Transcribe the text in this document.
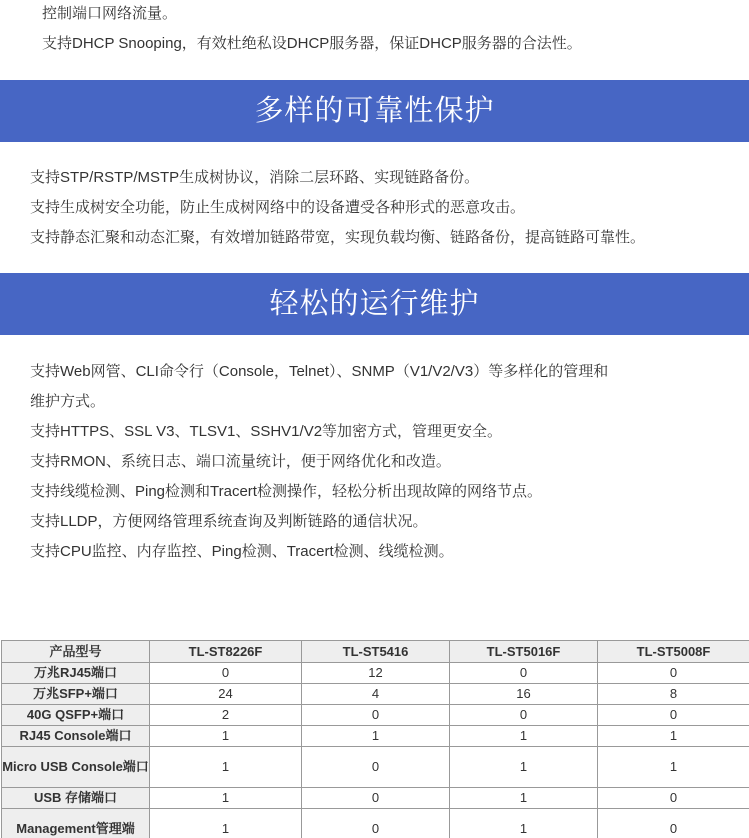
控制端口网络流量。

支持DHCP Snooping，有效杜绝私设DHCP服务器，保证DHCP服务器的合法性。

多样的可靠性保护

支持STP/RSTP/MSTP生成树协议，消除二层环路、实现链路备份。

支持生成树安全功能，防止生成树网络中的设备遭受各种形式的恶意攻击。

支持静态汇聚和动态汇聚，有效增加链路带宽，实现负载均衡、链路备份，提高链路可靠性。

轻松的运行维护

支持Web网管、CLI命令行（Console，Telnet）、SNMP（V1/V2/V3）等多样化的管理和

维护方式。

支持HTTPS、SSL V3、TLSV1、SSHV1/V2等加密方式，管理更安全。

支持RMON、系统日志、端口流量统计，便于网络优化和改造。

支持线缆检测、Ping检测和Tracert检测操作，轻松分析出现故障的网络节点。

支持LLDP，方便网络管理系统查询及判断链路的通信状况。

支持CPU监控、内存监控、Ping检测、Tracert检测、线缆检测。

产品型号	TL-ST8226F	TL-ST5416	TL-ST5016F	TL-ST5008F
万兆RJ45端口	0	12	0	0
万兆SFP+端口	24	4	16	8
40G QSFP+端口	2	0	0	0
RJ45 Console端口	1	1	1	1
Micro USB Console端口	1	0	1	1
USB 存储端口	1	0	1	0
Management管理端	1	0	1	0
